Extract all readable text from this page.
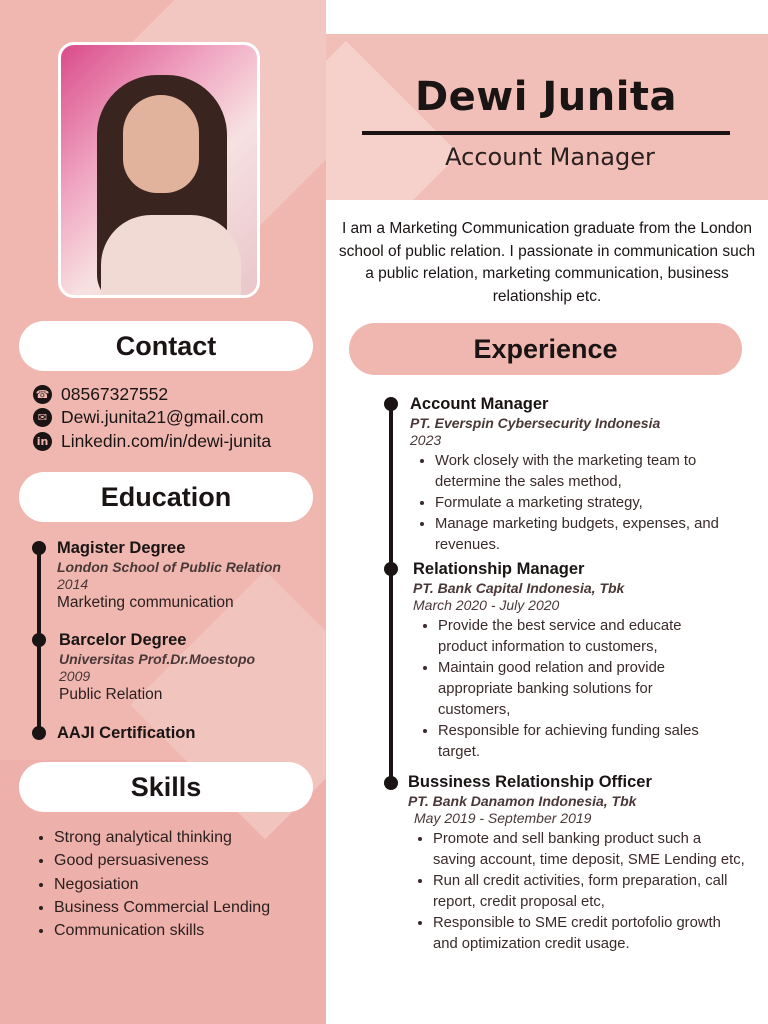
Dewi Junita
Account Manager
I am a Marketing Communication graduate from the London school of public relation. I passionate in communication such a public relation, marketing communication, business relationship etc.
Contact
☎ 08567327552
✉ Dewi.junita21@gmail.com
in Linkedin.com/in/dewi-junita
Education
Magister Degree
London School of Public Relation
2014
Marketing communication
Barcelor Degree
Universitas Prof.Dr.Moestopo
2009
Public Relation
AAJI Certification
Skills
• Strong analytical thinking
• Good persuasiveness
• Negosiation
• Business Commercial Lending
• Communication skills
Experience
Account Manager
PT. Everspin Cybersecurity Indonesia
2023
• Work closely with the marketing team to determine the sales method,
• Formulate a marketing strategy,
• Manage marketing budgets, expenses, and revenues.
Relationship Manager
PT. Bank Capital Indonesia, Tbk
March 2020 - July 2020
• Provide the best service and educate product information to customers,
• Maintain good relation and provide appropriate banking solutions for customers,
• Responsible for achieving funding sales target.
Bussiness Relationship Officer
PT. Bank Danamon Indonesia, Tbk
May 2019 - September 2019
• Promote and sell banking product such a saving account, time deposit, SME Lending etc,
• Run all credit activities, form preparation, call report, credit proposal etc,
• Responsible to SME credit portofolio growth and optimization credit usage.
